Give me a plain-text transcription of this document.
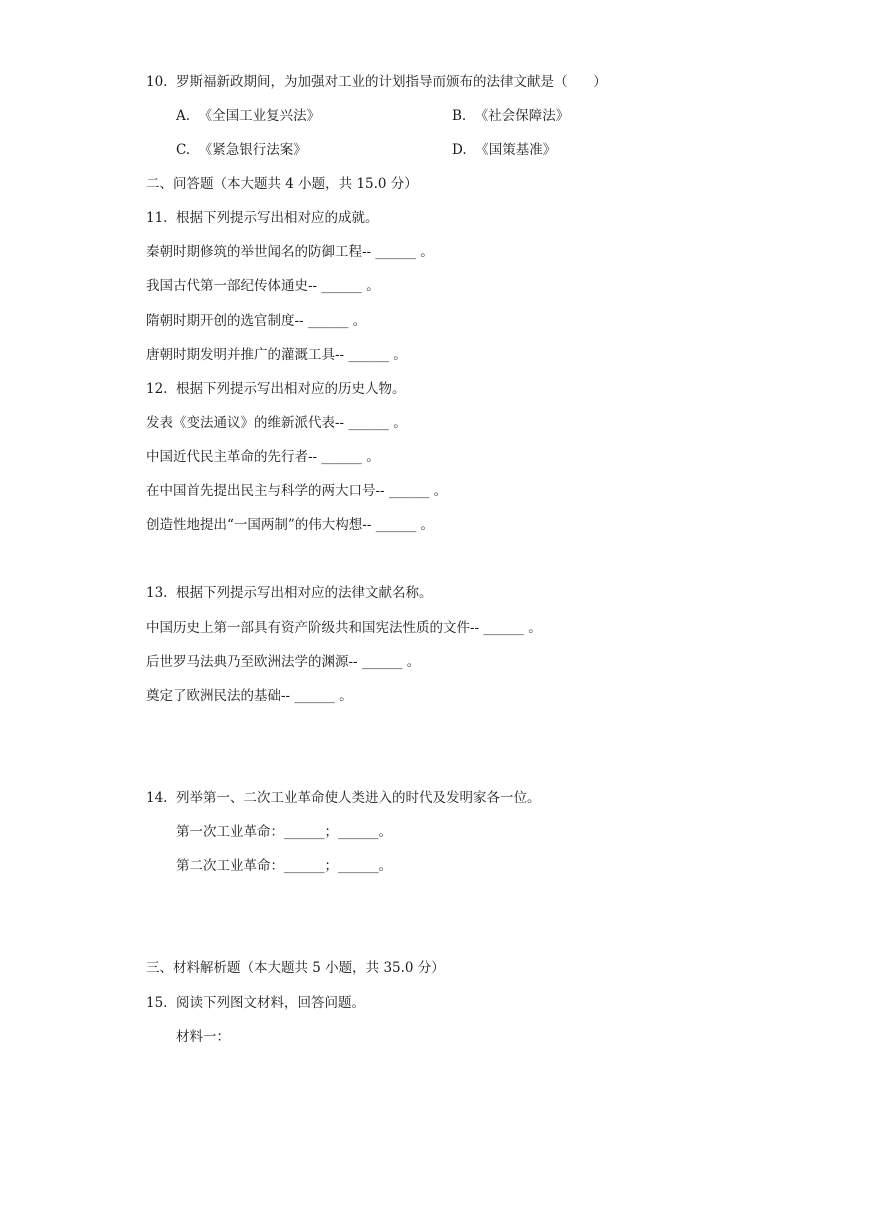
10.  罗斯福新政期间，为加强对工业的计划指导而颁布的法律文献是（      ）
A.  《全国工业复兴法》	B.  《社会保障法》
C.  《紧急银行法案》	D.  《国策基准》
二、问答题（本大题共 4 小题，共 15.0 分）
11.  根据下列提示写出相对应的成就。
秦朝时期修筑的举世闻名的防御工程-- ______ 。
我国古代第一部纪传体通史-- ______ 。
隋朝时期开创的选官制度-- ______ 。
唐朝时期发明并推广的灌溉工具-- ______ 。
12.  根据下列提示写出相对应的历史人物。
发表《变法通议》的维新派代表-- ______ 。
中国近代民主革命的先行者-- ______ 。
在中国首先提出民主与科学的两大口号-- ______ 。
创造性地提出“一国两制”的伟大构想-- ______ 。
13.  根据下列提示写出相对应的法律文献名称。
中国历史上第一部具有资产阶级共和国宪法性质的文件-- ______ 。
后世罗马法典乃至欧洲法学的渊源-- ______ 。
奠定了欧洲民法的基础-- ______ 。
14.  列举第一、二次工业革命使人类进入的时代及发明家各一位。
第一次工业革命：______；______。
第二次工业革命：______；______。
三、材料解析题（本大题共 5 小题，共 35.0 分）
15.  阅读下列图文材料，回答问题。
材料一：
